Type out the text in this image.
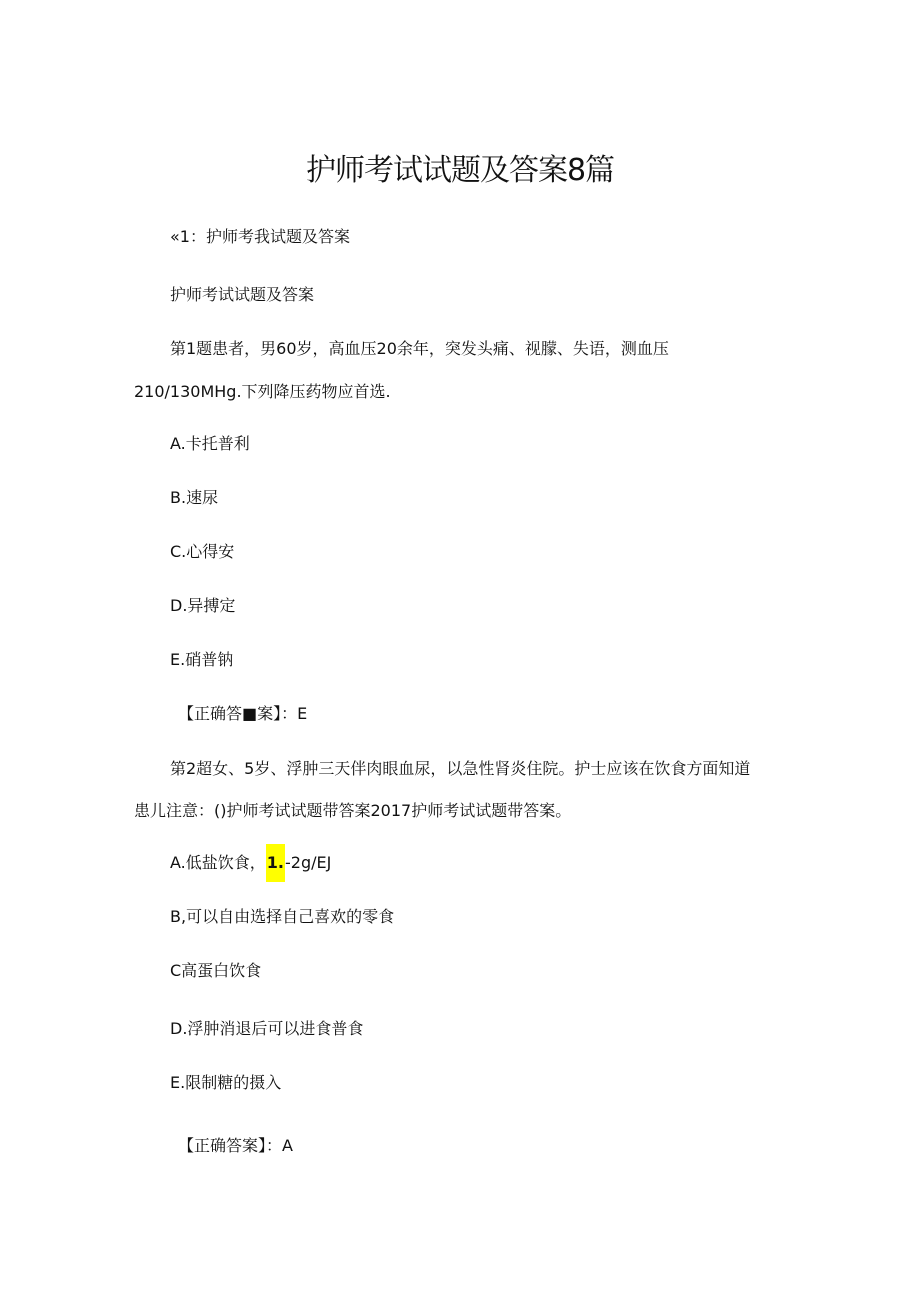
护师考试试题及答案8篇
«1：护师考我试题及答案
护师考试试题及答案
第1题患者，男60岁，高血压20余年，突发头痛、视朦、失语，测血压
210/130MHg.下列降压药物应首选.
A.卡托普利
B.速尿
C.心得安
D.异搏定
E.硝普钠
【正确答■案】：E
第2超女、5岁、浮肿三天伴肉眼血尿，以急性肾炎住院。护士应该在饮食方面知道
患儿注意：()护师考试试题带答案2017护师考试试题带答案。
A.低盐饮食，1.-2g/EJ
B,可以自由选择自己喜欢的零食
C高蛋白饮食
D.浮肿消退后可以进食普食
E.限制糖的摄入
【正确答案】：A
